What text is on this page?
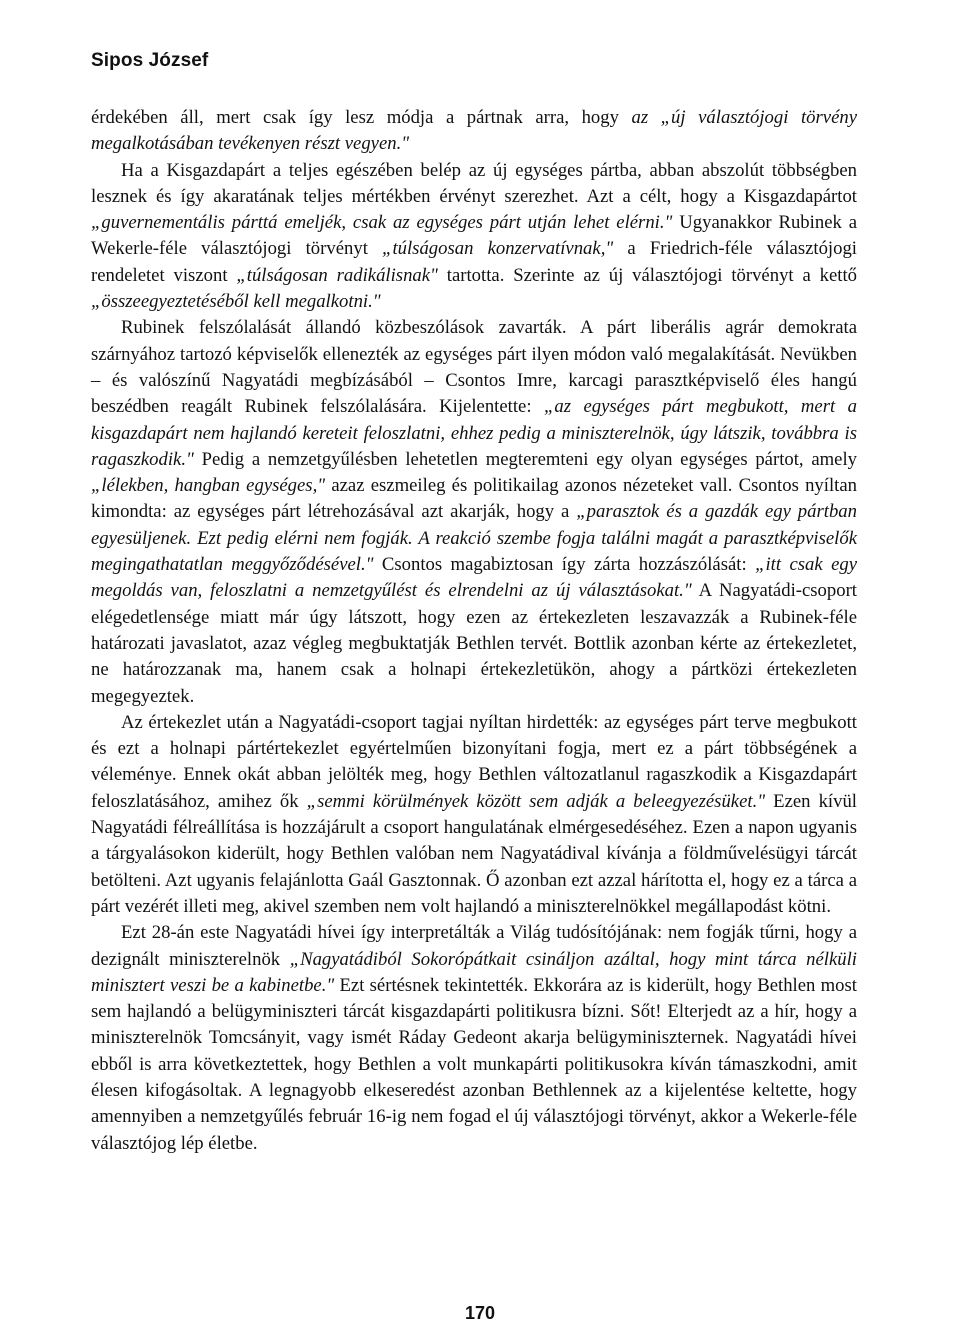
Sipos József

érdekében áll, mert csak így lesz módja a pártnak arra, hogy az „új választójogi törvény megalkotásában tevékenyen részt vegyen."

Ha a Kisgazdapárt a teljes egészében belép az új egységes pártba, abban abszolút többségben lesznek és így akaratának teljes mértékben érvényt szerezhet. Azt a célt, hogy a Kisgazdapártot „guvernementális párttá emeljék, csak az egységes párt utján lehet elérni." Ugyanakkor Rubinek a Wekerle-féle választójogi törvényt „túlságosan konzervatívnak," a Friedrich-féle választójogi rendeletet viszont „túlságosan radikálisnak" tartotta. Szerinte az új választójogi törvényt a kettő „összeegyeztetéséből kell megalkotni."

Rubinek felszólalását állandó közbeszólások zavarták. A párt liberális agrár demokrata szárnyához tartozó képviselők ellenezték az egységes párt ilyen módon való megalakítását. Nevükben – és valószínű Nagyatádi megbízásából – Csontos Imre, karcagi parasztképviselő éles hangú beszédben reagált Rubinek felszólalására. Kijelentette: „az egységes párt megbukott, mert a kisgazdapárt nem hajlandó kereteit feloszlatni, ehhez pedig a miniszterelnök, úgy látszik, továbbra is ragaszkodik." Pedig a nemzetgyűlésben lehetetlen megteremteni egy olyan egységes pártot, amely „lélekben, hangban egységes," azaz eszmeileg és politikailag azonos nézeteket vall. Csontos nyíltan kimondta: az egységes párt létrehozásával azt akarják, hogy a „parasztok és a gazdák egy pártban egyesüljenek. Ezt pedig elérni nem fogják. A reakció szembe fogja találni magát a parasztképviselők megingathatatlan meggyőződésével." Csontos magabiztosan így zárta hozzászólását: „itt csak egy megoldás van, feloszlatni a nemzetgyűlést és elrendelni az új választásokat." A Nagyatádi-csoport elégedetlensége miatt már úgy látszott, hogy ezen az értekezleten leszavazzák a Rubinek-féle határozati javaslatot, azaz végleg megbuktatják Bethlen tervét. Bottlik azonban kérte az értekezletet, ne határozzanak ma, hanem csak a holnapi értekezletükön, ahogy a pártközi értekezleten megegyeztek.

Az értekezlet után a Nagyatádi-csoport tagjai nyíltan hirdették: az egységes párt terve megbukott és ezt a holnapi pártértekezlet egyértelműen bizonyítani fogja, mert ez a párt többségének a véleménye. Ennek okát abban jelölték meg, hogy Bethlen változatlanul ragaszkodik a Kisgazdapárt feloszlatásához, amihez ők „semmi körülmények között sem adják a beleegyezésüket." Ezen kívül Nagyatádi félreállítása is hozzájárult a csoport hangulatának elmérgesedéséhez. Ezen a napon ugyanis a tárgyalásokon kiderült, hogy Bethlen valóban nem Nagyatádival kívánja a földművelésügyi tárcát betölteni. Azt ugyanis felajánlotta Gaál Gasztonnak. Ő azonban ezt azzal hárította el, hogy ez a tárca a párt vezérét illeti meg, akivel szemben nem volt hajlandó a miniszterelnökkel megállapodást kötni.

Ezt 28-án este Nagyatádi hívei így interpretálták a Világ tudósítójának: nem fogják tűrni, hogy a dezignált miniszterelnök „Nagyatádiból Sokorópátkait csináljon azáltal, hogy mint tárca nélküli minisztert veszi be a kabinetbe." Ezt sértésnek tekintették. Ekkorára az is kiderült, hogy Bethlen most sem hajlandó a belügyminiszteri tárcát kisgazdapárti politikusra bízni. Sőt! Elterjedt az a hír, hogy a miniszterelnök Tomcsányit, vagy ismét Ráday Gedeont akarja belügyminiszternek. Nagyatádi hívei ebből is arra következtettek, hogy Bethlen a volt munkapárti politikusokra kíván támaszkodni, amit élesen kifogásoltak. A legnagyobb elkeseredést azonban Bethlennek az a kijelentése keltette, hogy amennyiben a nemzetgyűlés február 16-ig nem fogad el új választójogi törvényt, akkor a Wekerle-féle választójog lép életbe.

170
